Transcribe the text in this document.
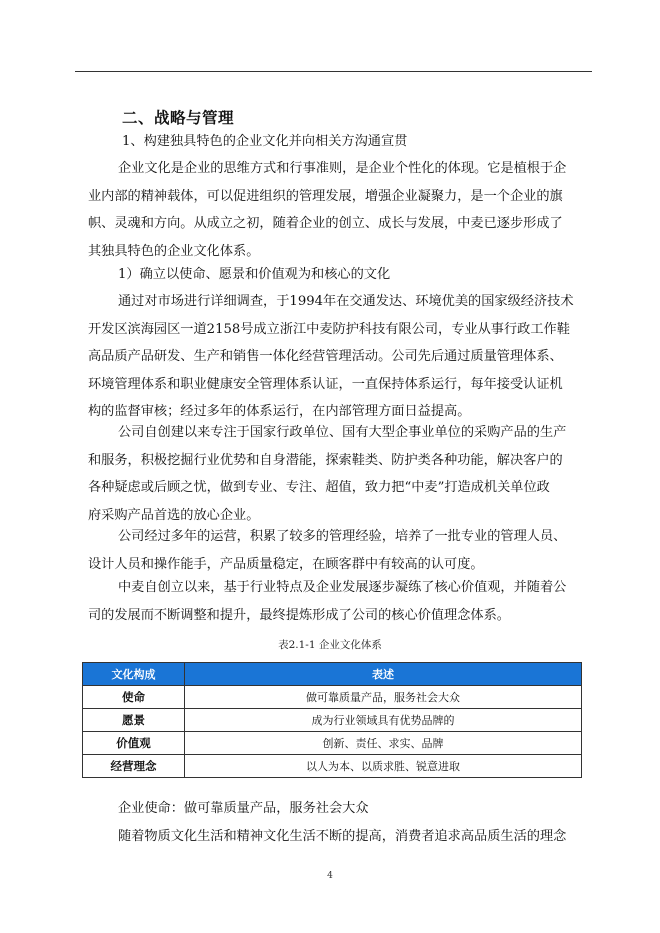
二、战略与管理

1、构建独具特色的企业文化并向相关方沟通宣贯

企业文化是企业的思维方式和行事准则，是企业个性化的体现。它是植根于企
业内部的精神载体，可以促进组织的管理发展，增强企业凝聚力，是一个企业的旗
帜、灵魂和方向。从成立之初，随着企业的创立、成长与发展，中麦已逐步形成了
其独具特色的企业文化体系。

1）确立以使命、愿景和价值观为和核心的文化

通过对市场进行详细调查，于1994年在交通发达、环境优美的国家级经济技术
开发区滨海园区一道2158号成立浙江中麦防护科技有限公司，专业从事行政工作鞋
高品质产品研发、生产和销售一体化经营管理活动。公司先后通过质量管理体系、
环境管理体系和职业健康安全管理体系认证，一直保持体系运行，每年接受认证机
构的监督审核；经过多年的体系运行，在内部管理方面日益提高。

公司自创建以来专注于国家行政单位、国有大型企事业单位的采购产品的生产
和服务，积极挖掘行业优势和自身潜能，探索鞋类、防护类各种功能，解决客户的
各种疑虑或后顾之忧，做到专业、专注、超值，致力把“中麦”打造成机关单位政
府采购产品首选的放心企业。

公司经过多年的运营，积累了较多的管理经验，培养了一批专业的管理人员、
设计人员和操作能手，产品质量稳定，在顾客群中有较高的认可度。

中麦自创立以来，基于行业特点及企业发展逐步凝练了核心价值观，并随着公
司的发展而不断调整和提升，最终提炼形成了公司的核心价值理念体系。

表2.1-1 企业文化体系
文化构成	表述
使命	做可靠质量产品，服务社会大众
愿景	成为行业领域具有优势品牌的
价值观	创新、责任、求实、品牌
经营理念	以人为本、以质求胜、锐意进取

企业使命：做可靠质量产品，服务社会大众

随着物质文化生活和精神文化生活不断的提高，消费者追求高品质生活的理念

4
